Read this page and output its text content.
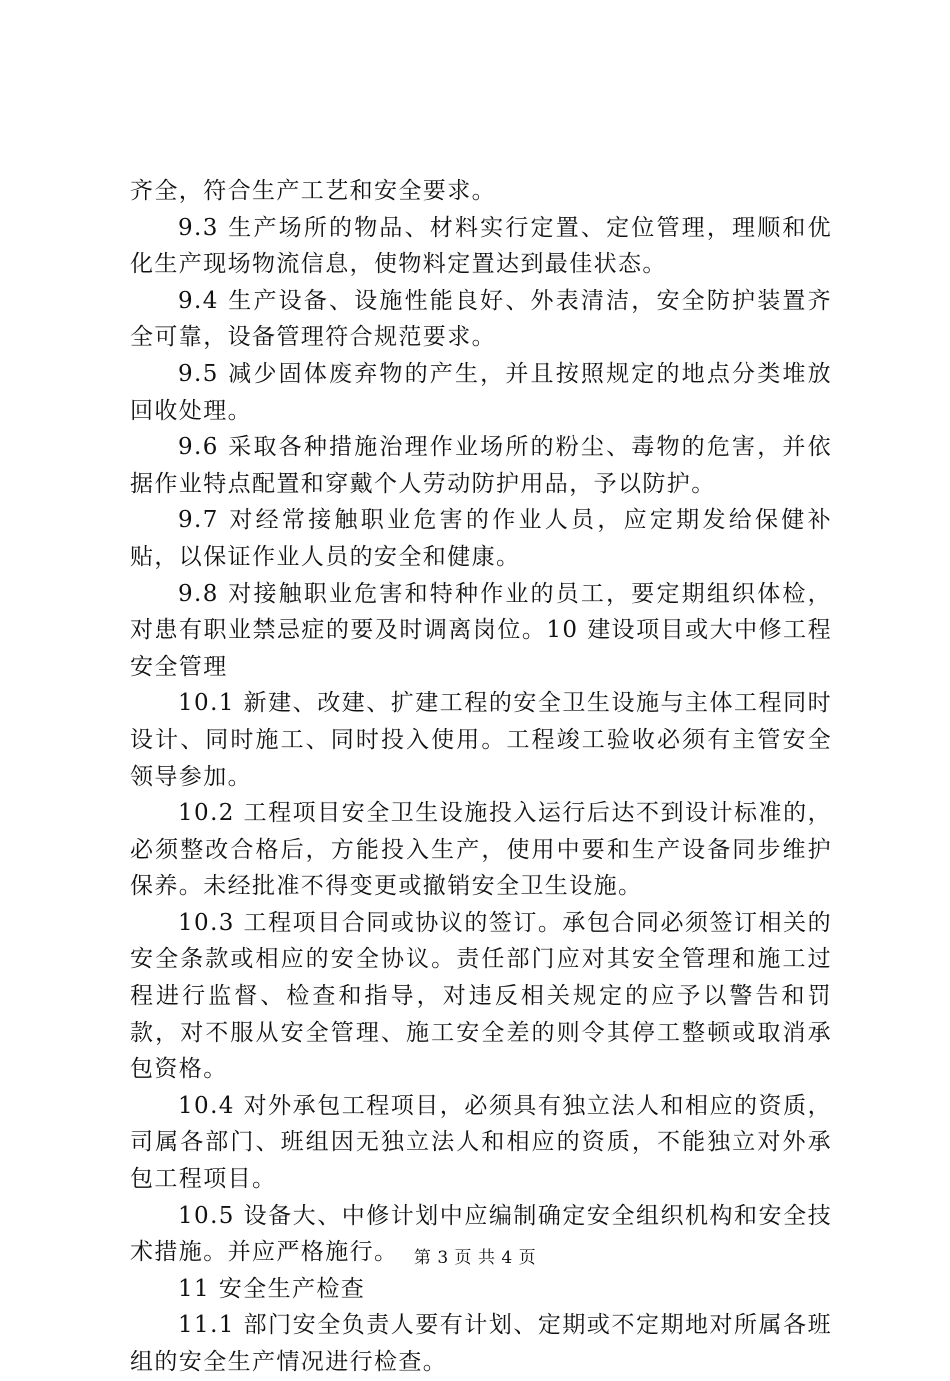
齐全，符合生产工艺和安全要求。

9.3 生产场所的物品、材料实行定置、定位管理，理顺和优化生产现场物流信息，使物料定置达到最佳状态。

9.4 生产设备、设施性能良好、外表清洁，安全防护装置齐全可靠，设备管理符合规范要求。

9.5 减少固体废弃物的产生，并且按照规定的地点分类堆放回收处理。

9.6 采取各种措施治理作业场所的粉尘、毒物的危害，并依据作业特点配置和穿戴个人劳动防护用品，予以防护。

9.7 对经常接触职业危害的作业人员，应定期发给保健补贴，以保证作业人员的安全和健康。

9.8 对接触职业危害和特种作业的员工，要定期组织体检，对患有职业禁忌症的要及时调离岗位。10 建设项目或大中修工程安全管理

10.1 新建、改建、扩建工程的安全卫生设施与主体工程同时设计、同时施工、同时投入使用。工程竣工验收必须有主管安全领导参加。

10.2 工程项目安全卫生设施投入运行后达不到设计标准的，必须整改合格后，方能投入生产，使用中要和生产设备同步维护保养。未经批准不得变更或撤销安全卫生设施。

10.3 工程项目合同或协议的签订。承包合同必须签订相关的安全条款或相应的安全协议。责任部门应对其安全管理和施工过程进行监督、检查和指导，对违反相关规定的应予以警告和罚款，对不服从安全管理、施工安全差的则令其停工整顿或取消承包资格。

10.4 对外承包工程项目，必须具有独立法人和相应的资质，司属各部门、班组因无独立法人和相应的资质，不能独立对外承包工程项目。

10.5 设备大、中修计划中应编制确定安全组织机构和安全技术措施。并应严格施行。

11 安全生产检查

11.1 部门安全负责人要有计划、定期或不定期地对所属各班组的安全生产情况进行检查。

第 3 页 共 4 页
